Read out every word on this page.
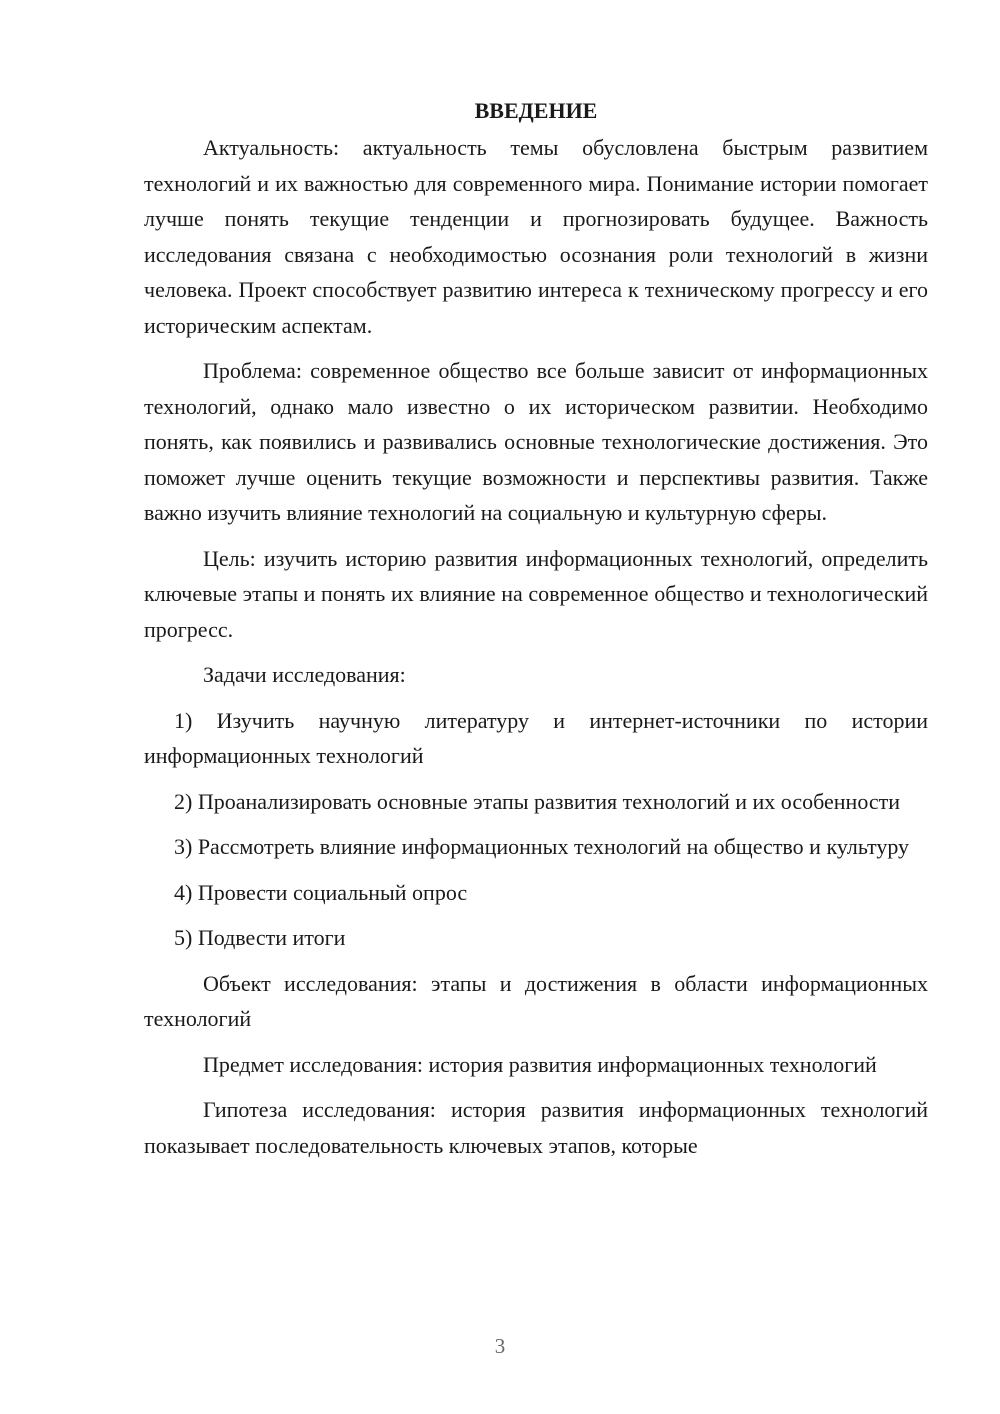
ВВЕДЕНИЕ

Актуальность: актуальность темы обусловлена быстрым развитием технологий и их важностью для современного мира. Понимание истории помогает лучше понять текущие тенденции и прогнозировать будущее. Важность исследования связана с необходимостью осознания роли технологий в жизни человека. Проект способствует развитию интереса к техническому прогрессу и его историческим аспектам.

Проблема: современное общество все больше зависит от информационных технологий, однако мало известно о их историческом развитии. Необходимо понять, как появились и развивались основные технологические достижения. Это поможет лучше оценить текущие возможности и перспективы развития. Также важно изучить влияние технологий на социальную и культурную сферы.

Цель: изучить историю развития информационных технологий, определить ключевые этапы и понять их влияние на современное общество и технологический прогресс.

Задачи исследования:

1) Изучить научную литературу и интернет-источники по истории информационных технологий

2) Проанализировать основные этапы развития технологий и их особенности

3) Рассмотреть влияние информационных технологий на общество и культуру

4) Провести социальный опрос

5) Подвести итоги

Объект исследования: этапы и достижения в области информационных технологий

Предмет исследования: история развития информационных технологий

Гипотеза исследования: история развития информационных технологий показывает последовательность ключевых этапов, которые

3
